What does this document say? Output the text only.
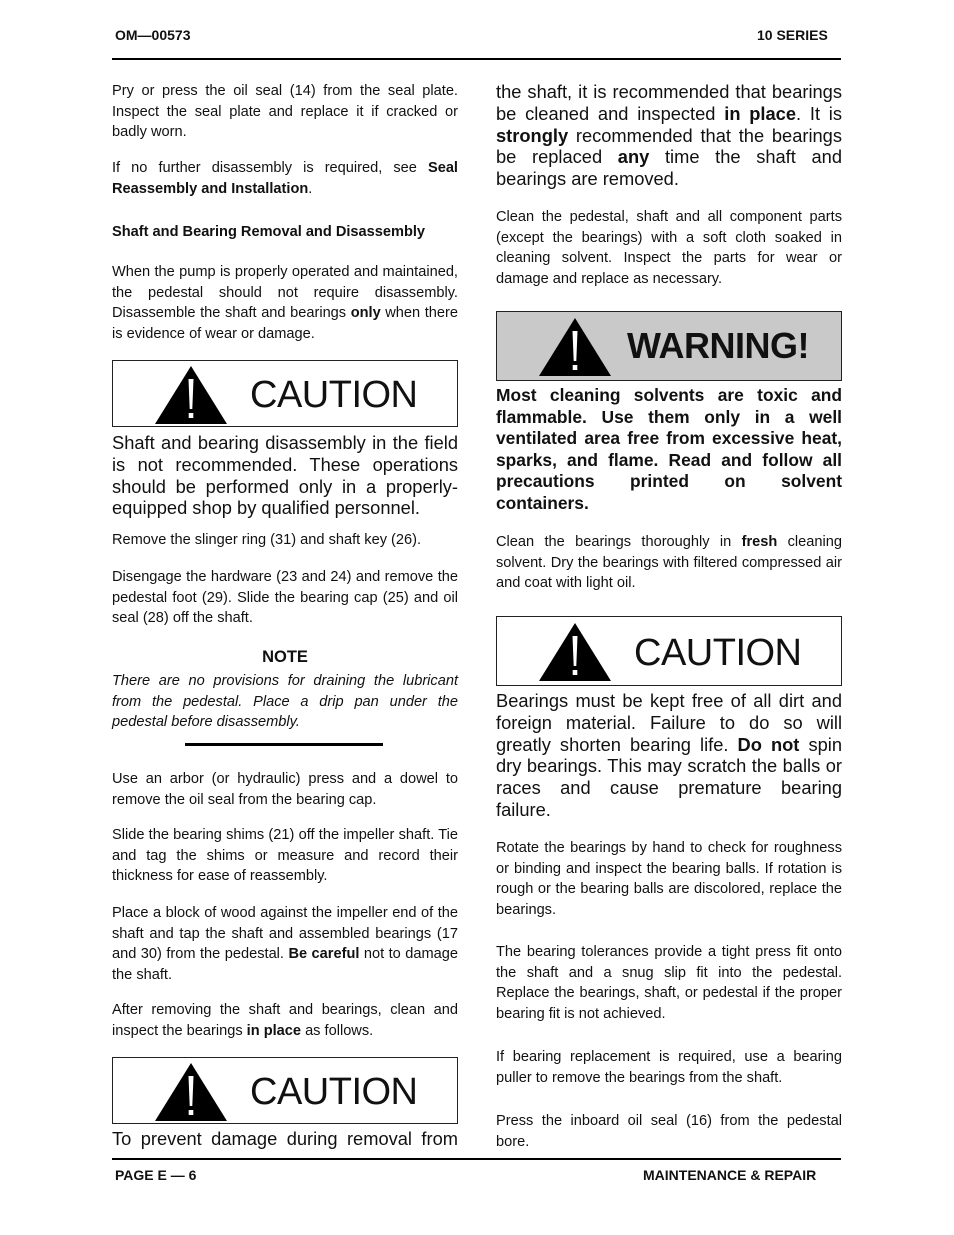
OM—00573	10 SERIES

Pry or press the oil seal (14) from the seal plate. Inspect the seal plate and replace it if cracked or badly worn.

If no further disassembly is required, see Seal Reassembly and Installation.

Shaft and Bearing Removal and Disassembly

When the pump is properly operated and maintained, the pedestal should not require disassembly. Disassemble the shaft and bearings only when there is evidence of wear or damage.

CAUTION

Shaft and bearing disassembly in the field is not recommended. These operations should be performed only in a properly-equipped shop by qualified personnel.

Remove the slinger ring (31) and shaft key (26).

Disengage the hardware (23 and 24) and remove the pedestal foot (29). Slide the bearing cap (25) and oil seal (28) off the shaft.

NOTE

There are no provisions for draining the lubricant from the pedestal. Place a drip pan under the pedestal before disassembly.

Use an arbor (or hydraulic) press and a dowel to remove the oil seal from the bearing cap.

Slide the bearing shims (21) off the impeller shaft. Tie and tag the shims or measure and record their thickness for ease of reassembly.

Place a block of wood against the impeller end of the shaft and tap the shaft and assembled bearings (17 and 30) from the pedestal. Be careful not to damage the shaft.

After removing the shaft and bearings, clean and inspect the bearings in place as follows.

CAUTION

To prevent damage during removal from

the shaft, it is recommended that bearings be cleaned and inspected in place. It is strongly recommended that the bearings be replaced any time the shaft and bearings are removed.

Clean the pedestal, shaft and all component parts (except the bearings) with a soft cloth soaked in cleaning solvent. Inspect the parts for wear or damage and replace as necessary.

WARNING!

Most cleaning solvents are toxic and flammable. Use them only in a well ventilated area free from excessive heat, sparks, and flame. Read and follow all precautions printed on solvent containers.

Clean the bearings thoroughly in fresh cleaning solvent. Dry the bearings with filtered compressed air and coat with light oil.

CAUTION

Bearings must be kept free of all dirt and foreign material. Failure to do so will greatly shorten bearing life. Do not spin dry bearings. This may scratch the balls or races and cause premature bearing failure.

Rotate the bearings by hand to check for roughness or binding and inspect the bearing balls. If rotation is rough or the bearing balls are discolored, replace the bearings.

The bearing tolerances provide a tight press fit onto the shaft and a snug slip fit into the pedestal. Replace the bearings, shaft, or pedestal if the proper bearing fit is not achieved.

If bearing replacement is required, use a bearing puller to remove the bearings from the shaft.

Press the inboard oil seal (16) from the pedestal bore.

PAGE E — 6	MAINTENANCE & REPAIR
